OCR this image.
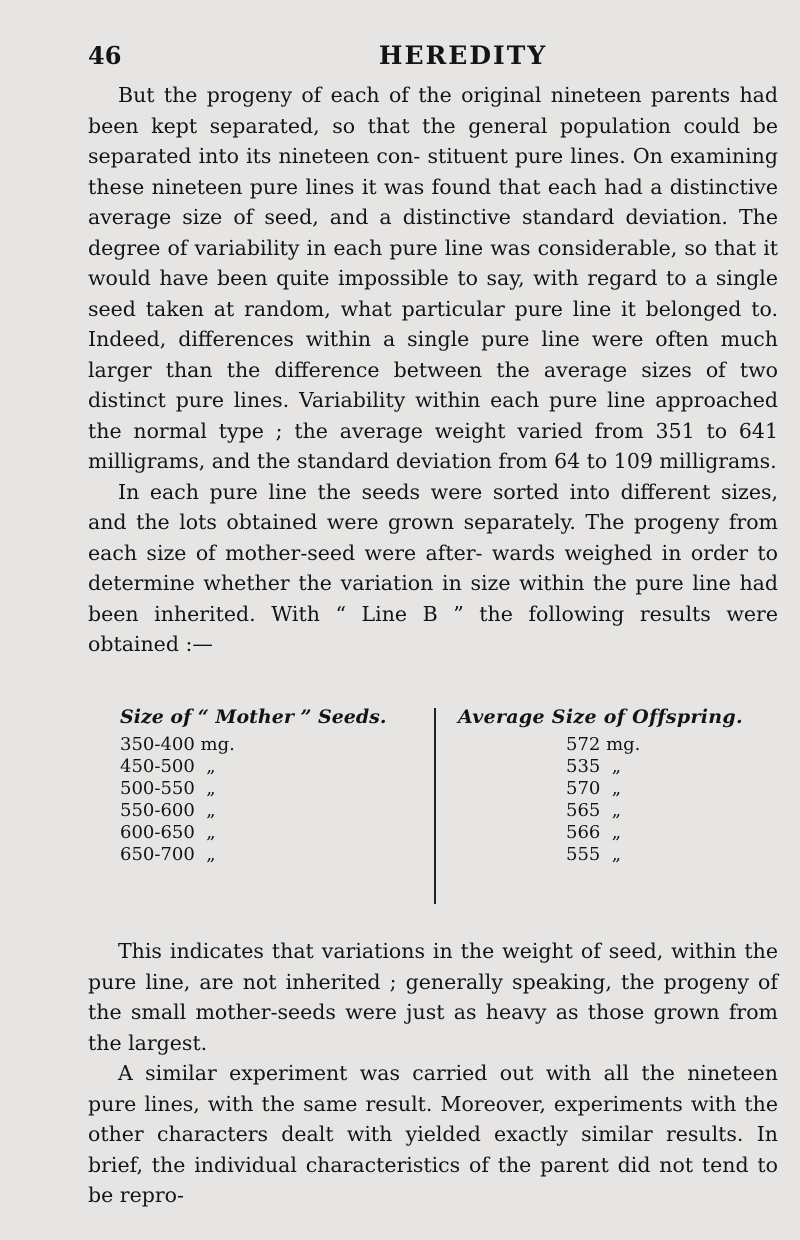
46	HEREDITY

But the progeny of each of the original nineteen parents had been kept separated, so that the general population could be separated into its nineteen con- stituent pure lines. On examining these nineteen pure lines it was found that each had a distinctive average size of seed, and a distinctive standard deviation. The degree of variability in each pure line was considerable, so that it would have been quite impossible to say, with regard to a single seed taken at random, what particular pure line it belonged to. Indeed, differences within a single pure line were often much larger than the difference between the average sizes of two distinct pure lines. Variability within each pure line approached the normal type ; the average weight varied from 351 to 641 milligrams, and the standard deviation from 64 to 109 milligrams.

In each pure line the seeds were sorted into different sizes, and the lots obtained were grown separately. The progeny from each size of mother-seed were after- wards weighed in order to determine whether the variation in size within the pure line had been inherited. With “ Line B ” the following results were obtained :—

Size of “ Mother ” Seeds.
350-400 mg.
450-500  „
500-550  „
550-600  „
600-650  „
650-700  „
Average Size of Offspring.
572 mg.
535  „
570  „
565  „
566  „
555  „

This indicates that variations in the weight of seed, within the pure line, are not inherited ; generally speaking, the progeny of the small mother-seeds were just as heavy as those grown from the largest.

A similar experiment was carried out with all the nineteen pure lines, with the same result. Moreover, experiments with the other characters dealt with yielded exactly similar results. In brief, the individual characteristics of the parent did not tend to be repro-
